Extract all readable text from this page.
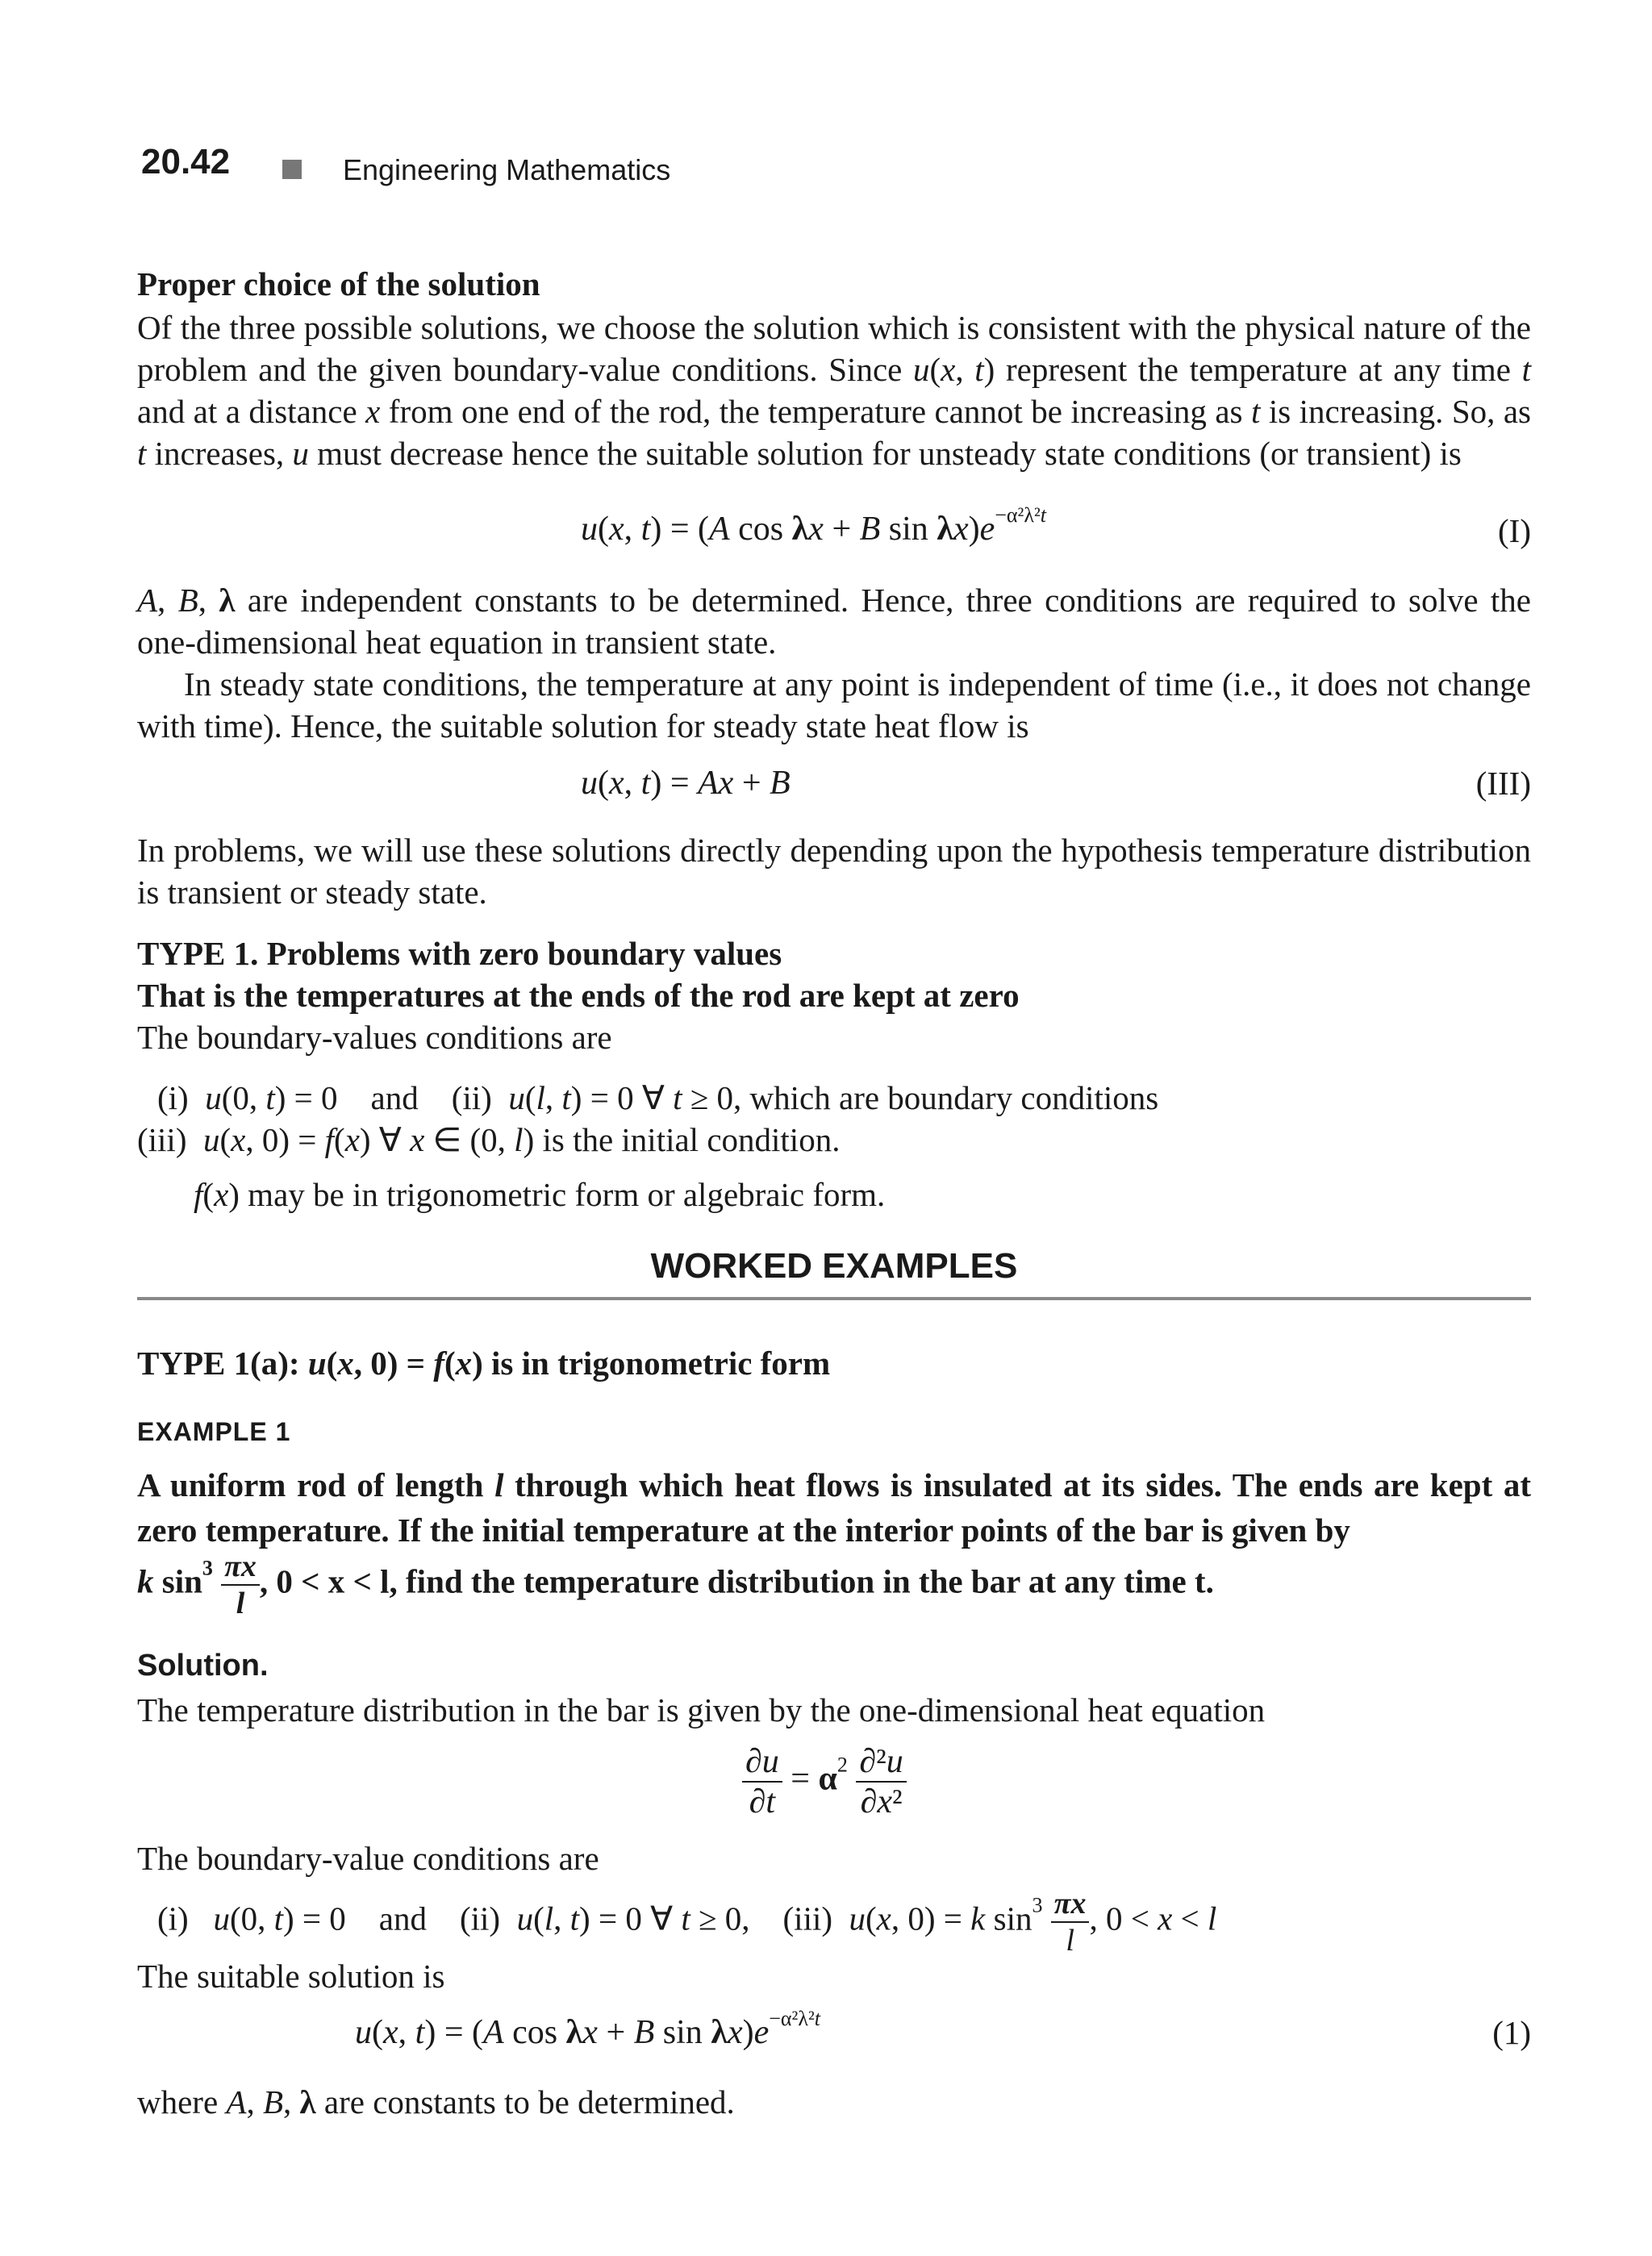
20.42	Engineering Mathematics
Proper choice of the solution

Of the three possible solutions, we choose the solution which is consistent with the physical nature of the problem and the given boundary-value conditions. Since u(x, t) represent the temperature at any time t and at a distance x from one end of the rod, the temperature cannot be increasing as t is increasing. So, as t increases, u must decrease hence the suitable solution for unsteady state conditions (or transient) is

u(x, t) = (A cos λx + B $\sin \lambda x)e^{-\alpha^2\lambda^2t}$	(I)

A, B, λ are independent constants to be determined. Hence, three conditions are required to solve the one-dimensional heat equation in transient state.

In steady state conditions, the temperature at any point is independent of time (i.e., it does not change with time). Hence, the suitable solution for steady state heat flow is

u(x, t) = Ax + B	(III)

In problems, we will use these solutions directly depending upon the hypothesis temperature distribution is transient or steady state.

TYPE 1. Problems with zero boundary values
That is the temperatures at the ends of the rod are kept at zero
The boundary-values conditions are
(i)  u(0, t) = 0    and    (ii)  u(l, t) = 0 ∀ t ≥ 0, which are boundary conditions
(iii)  u(x, 0) = f(x) ∀ x ∈ (0, l) is the initial condition.
f(x) may be in trigonometric form or algebraic form.
WORKED EXAMPLES
TYPE 1(a): u(x, 0) = f(x) is in trigonometric form
EXAMPLE 1

A uniform rod of length l through which heat flows is insulated at its sides. The ends are kept at zero temperature. If the initial temperature at the interior points of the bar is given by

k $\sin^3 \frac{\pi x}{l}$ , 0 < x < l, find the temperature distribution in the bar at any time t.
Solution.
The temperature distribution in the bar is given by the one-dimensional heat equation
$\frac{\partial u}{\partial t} = \alpha^2 \frac{\text{∂²u}}{\text{∂x²}}$
The boundary-value conditions are
(i)   u(0, t) = 0    and    (ii)  u(l, t) = 0 ∀ t ≥ 0,    (iii)  u(x, 0) = k $\sin^3 \frac{\pi x}{l}$ , 0 < x < l
The suitable solution is
u(x, t) = (A cos λx + B $\sin \lambda x)e^{-\alpha^2\lambda^2t}$	(1)
where A, B, λ are constants to be determined.
